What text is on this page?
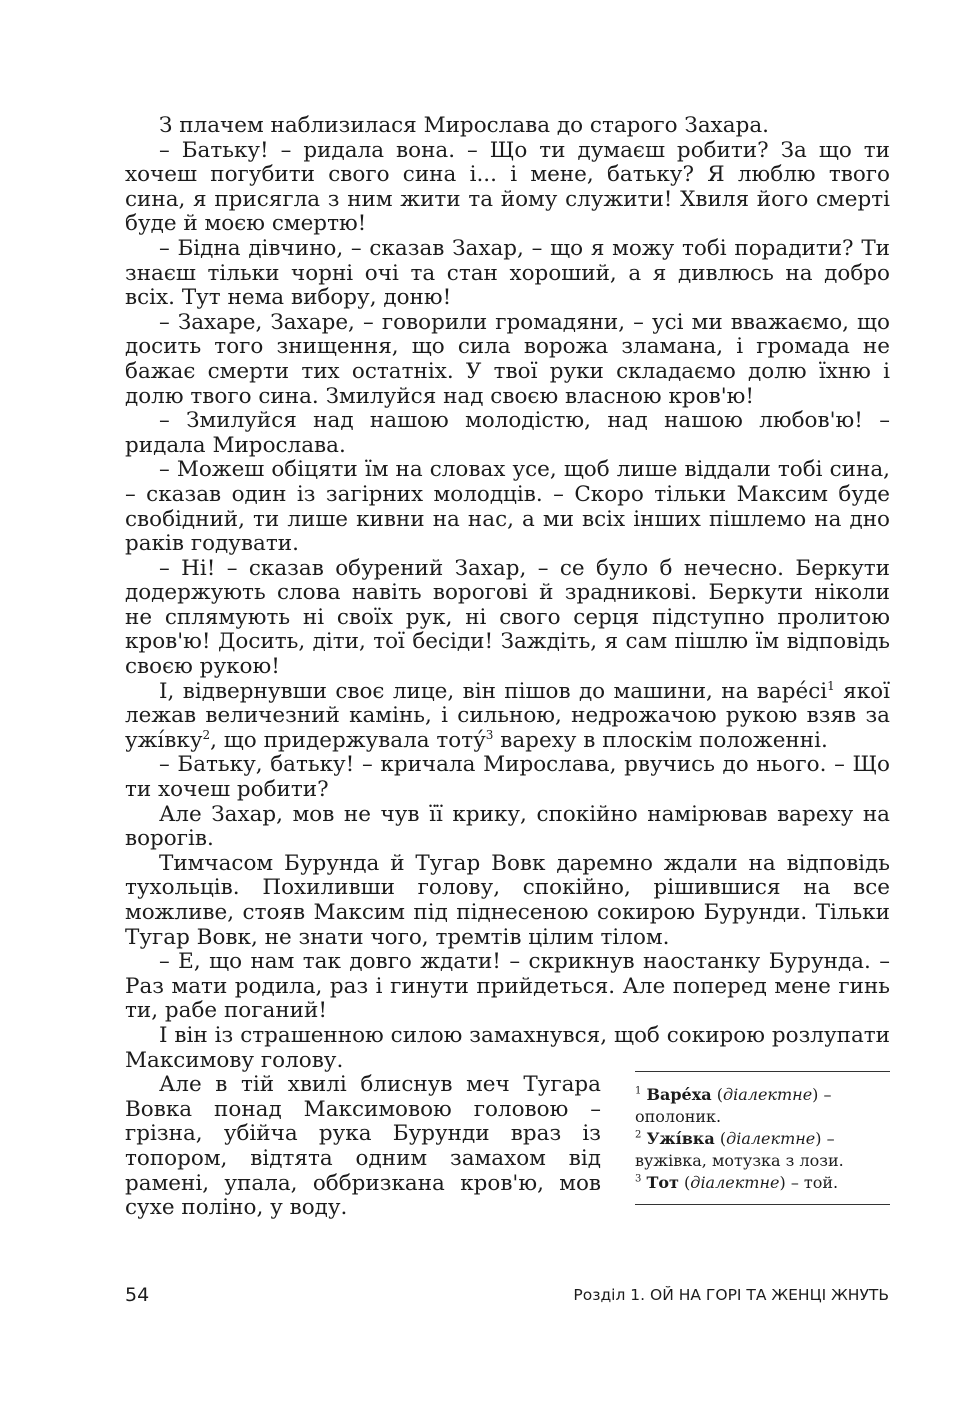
З плачем наблизилася Мирослава до старого Захара.

– Батьку! – ридала вона. – Що ти думаєш робити? За що ти хочеш погубити свого сина і... і мене, батьку? Я люблю твого сина, я присягла з ним жити та йому служити! Хвиля його смерті буде й моєю смертю!

– Бідна дівчино, – сказав Захар, – що я можу тобі порадити? Ти знаєш тільки чорні очі та стан хороший, а я дивлюсь на добро всіх. Тут нема вибору, доню!

– Захаре, Захаре, – говорили громадяни, – усі ми вважаємо, що досить того знищення, що сила ворожа зламана, і громада не бажає смерти тих остатніх. У твої руки складаємо долю їхню і долю твого сина. Змилуйся над своєю власною кров'ю!

– Змилуйся над нашою молодістю, над нашою любов'ю! – ридала Мирослава.

– Можеш обіцяти їм на словах усе, щоб лише віддали тобі сина, – сказав один із загірних молодців. – Скоро тільки Максим буде свобідний, ти лише кивни на нас, а ми всіх інших пішлемо на дно раків годувати.

– Ні! – сказав обурений Захар, – се було б нечесно. Беркути додержують слова навіть ворогові й зрадникові. Беркути ніколи не сплямують ні своїх рук, ні свого серця підступно пролитою кров'ю! Досить, діти, тої бесіди! Заждіть, я сам пішлю їм відповідь своєю рукою!

І, відвернувши своє лице, він пішов до машини, на $варе́сі^1$ якої лежав величезний камінь, і сильною, недрожачою рукою взяв за ужі́вку$^2$, що придержувала тоту́$^3$ вареху в плоскім положенні.

– Батьку, батьку! – кричала Мирослава, рвучись до нього. – Що ти хочеш робити?

Але Захар, мов не чув її крику, спокійно намірював вареху на ворогів.

Тимчасом Бурунда й Тугар Вовк даремно ждали на відповідь тухольців. Похиливши голову, спокійно, рішившися на все можливе, стояв Максим під піднесеною сокирою Бурунди. Тільки Тугар Вовк, не знати чого, тремтів цілим тілом.

– Е, що нам так довго ждати! – скрикнув наостанку Бурунда. – Раз мати родила, раз і гинути прийдеться. Але поперед мене гинь ти, рабе поганий!

І він із страшенною силою замахнувся, щоб сокирою розлупати Максимову голову.

Але в тій хвилі блиснув меч Тугара Вовка понад Максимовою головою – грізна, убійча рука Бурунди враз із топором, відтята одним замахом від рамені, упала, оббризкана кров'ю, мов сухе поліно, у воду.

$^1$ Варе́ха (діалектне) – ополоник.
$^2$ Ужі́вка (діалектне) – вужівка, мотузка з лози.
$^3$ Тот (діалектне) – той.
54	Розділ 1. ОЙ НА ГОРІ ТА ЖЕНЦІ ЖНУТЬ
